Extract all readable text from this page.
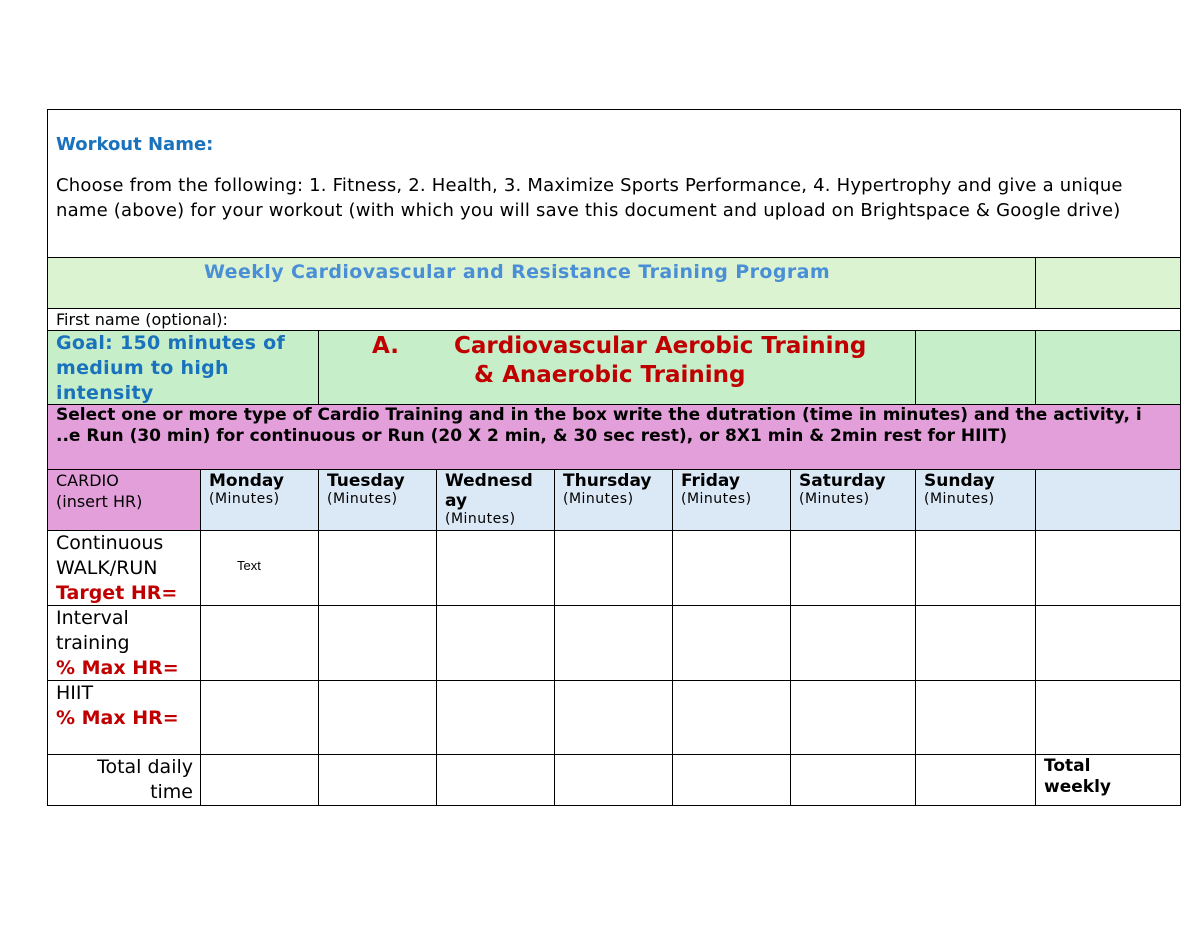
Workout Name:
Choose from the following: 1. Fitness, 2. Health, 3. Maximize Sports Performance, 4. Hypertrophy and give a unique name (above) for your workout (with which you will save this document and upload on Brightspace & Google drive)
Weekly Cardiovascular and Resistance Training Program
First name (optional):
Goal: 150 minutes of medium to high intensity
A. Cardiovascular Aerobic Training
& Anaerobic Training
Select one or more type of Cardio Training and in the box write the dutration (time in minutes) and the activity, i
..e Run (30 min) for continuous or Run (20 X 2 min, & 30 sec rest), or 8X1 min & 2min rest for HIIT)
CARDIO
(insert HR)
Monday
(Minutes)
Tuesday
(Minutes)
Wednesd ay
(Minutes)
Thursday
(Minutes)
Friday
(Minutes)
Saturday
(Minutes)
Sunday
(Minutes)
Continuous
WALK/RUN
Target HR=
Text
Interval
training
% Max HR=
HIIT
% Max HR=
Total daily time
Total weekly
